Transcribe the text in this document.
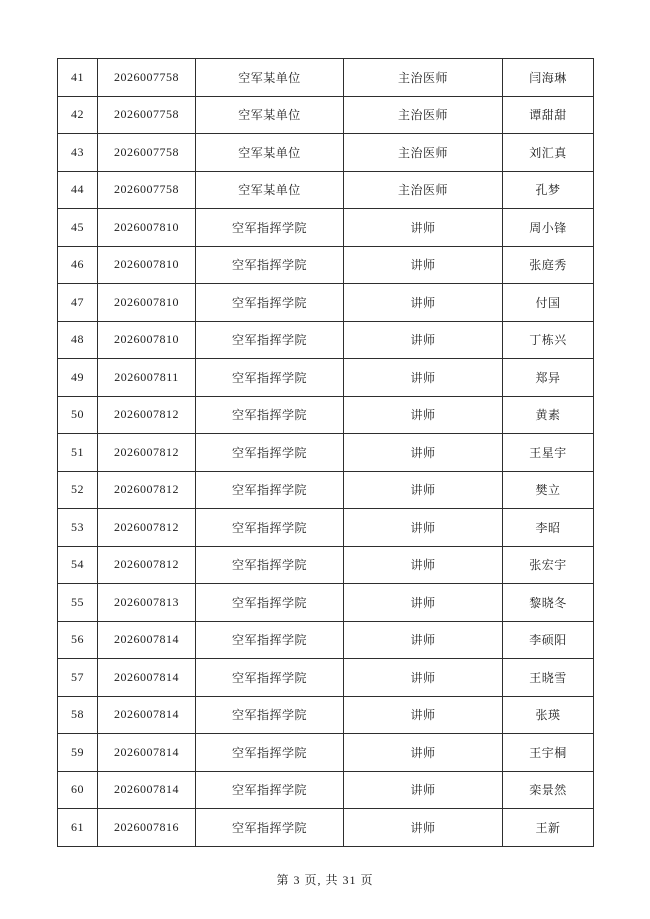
41	2026007758	空军某单位	主治医师	闫海琳
42	2026007758	空军某单位	主治医师	谭甜甜
43	2026007758	空军某单位	主治医师	刘汇真
44	2026007758	空军某单位	主治医师	孔梦
45	2026007810	空军指挥学院	讲师	周小锋
46	2026007810	空军指挥学院	讲师	张庭秀
47	2026007810	空军指挥学院	讲师	付国
48	2026007810	空军指挥学院	讲师	丁栋兴
49	2026007811	空军指挥学院	讲师	郑异
50	2026007812	空军指挥学院	讲师	黄素
51	2026007812	空军指挥学院	讲师	王星宇
52	2026007812	空军指挥学院	讲师	樊立
53	2026007812	空军指挥学院	讲师	李昭
54	2026007812	空军指挥学院	讲师	张宏宇
55	2026007813	空军指挥学院	讲师	黎晓冬
56	2026007814	空军指挥学院	讲师	李硕阳
57	2026007814	空军指挥学院	讲师	王晓雪
58	2026007814	空军指挥学院	讲师	张瑛
59	2026007814	空军指挥学院	讲师	王宇桐
60	2026007814	空军指挥学院	讲师	栾景然
61	2026007816	空军指挥学院	讲师	王新
第 3 页, 共 31 页
